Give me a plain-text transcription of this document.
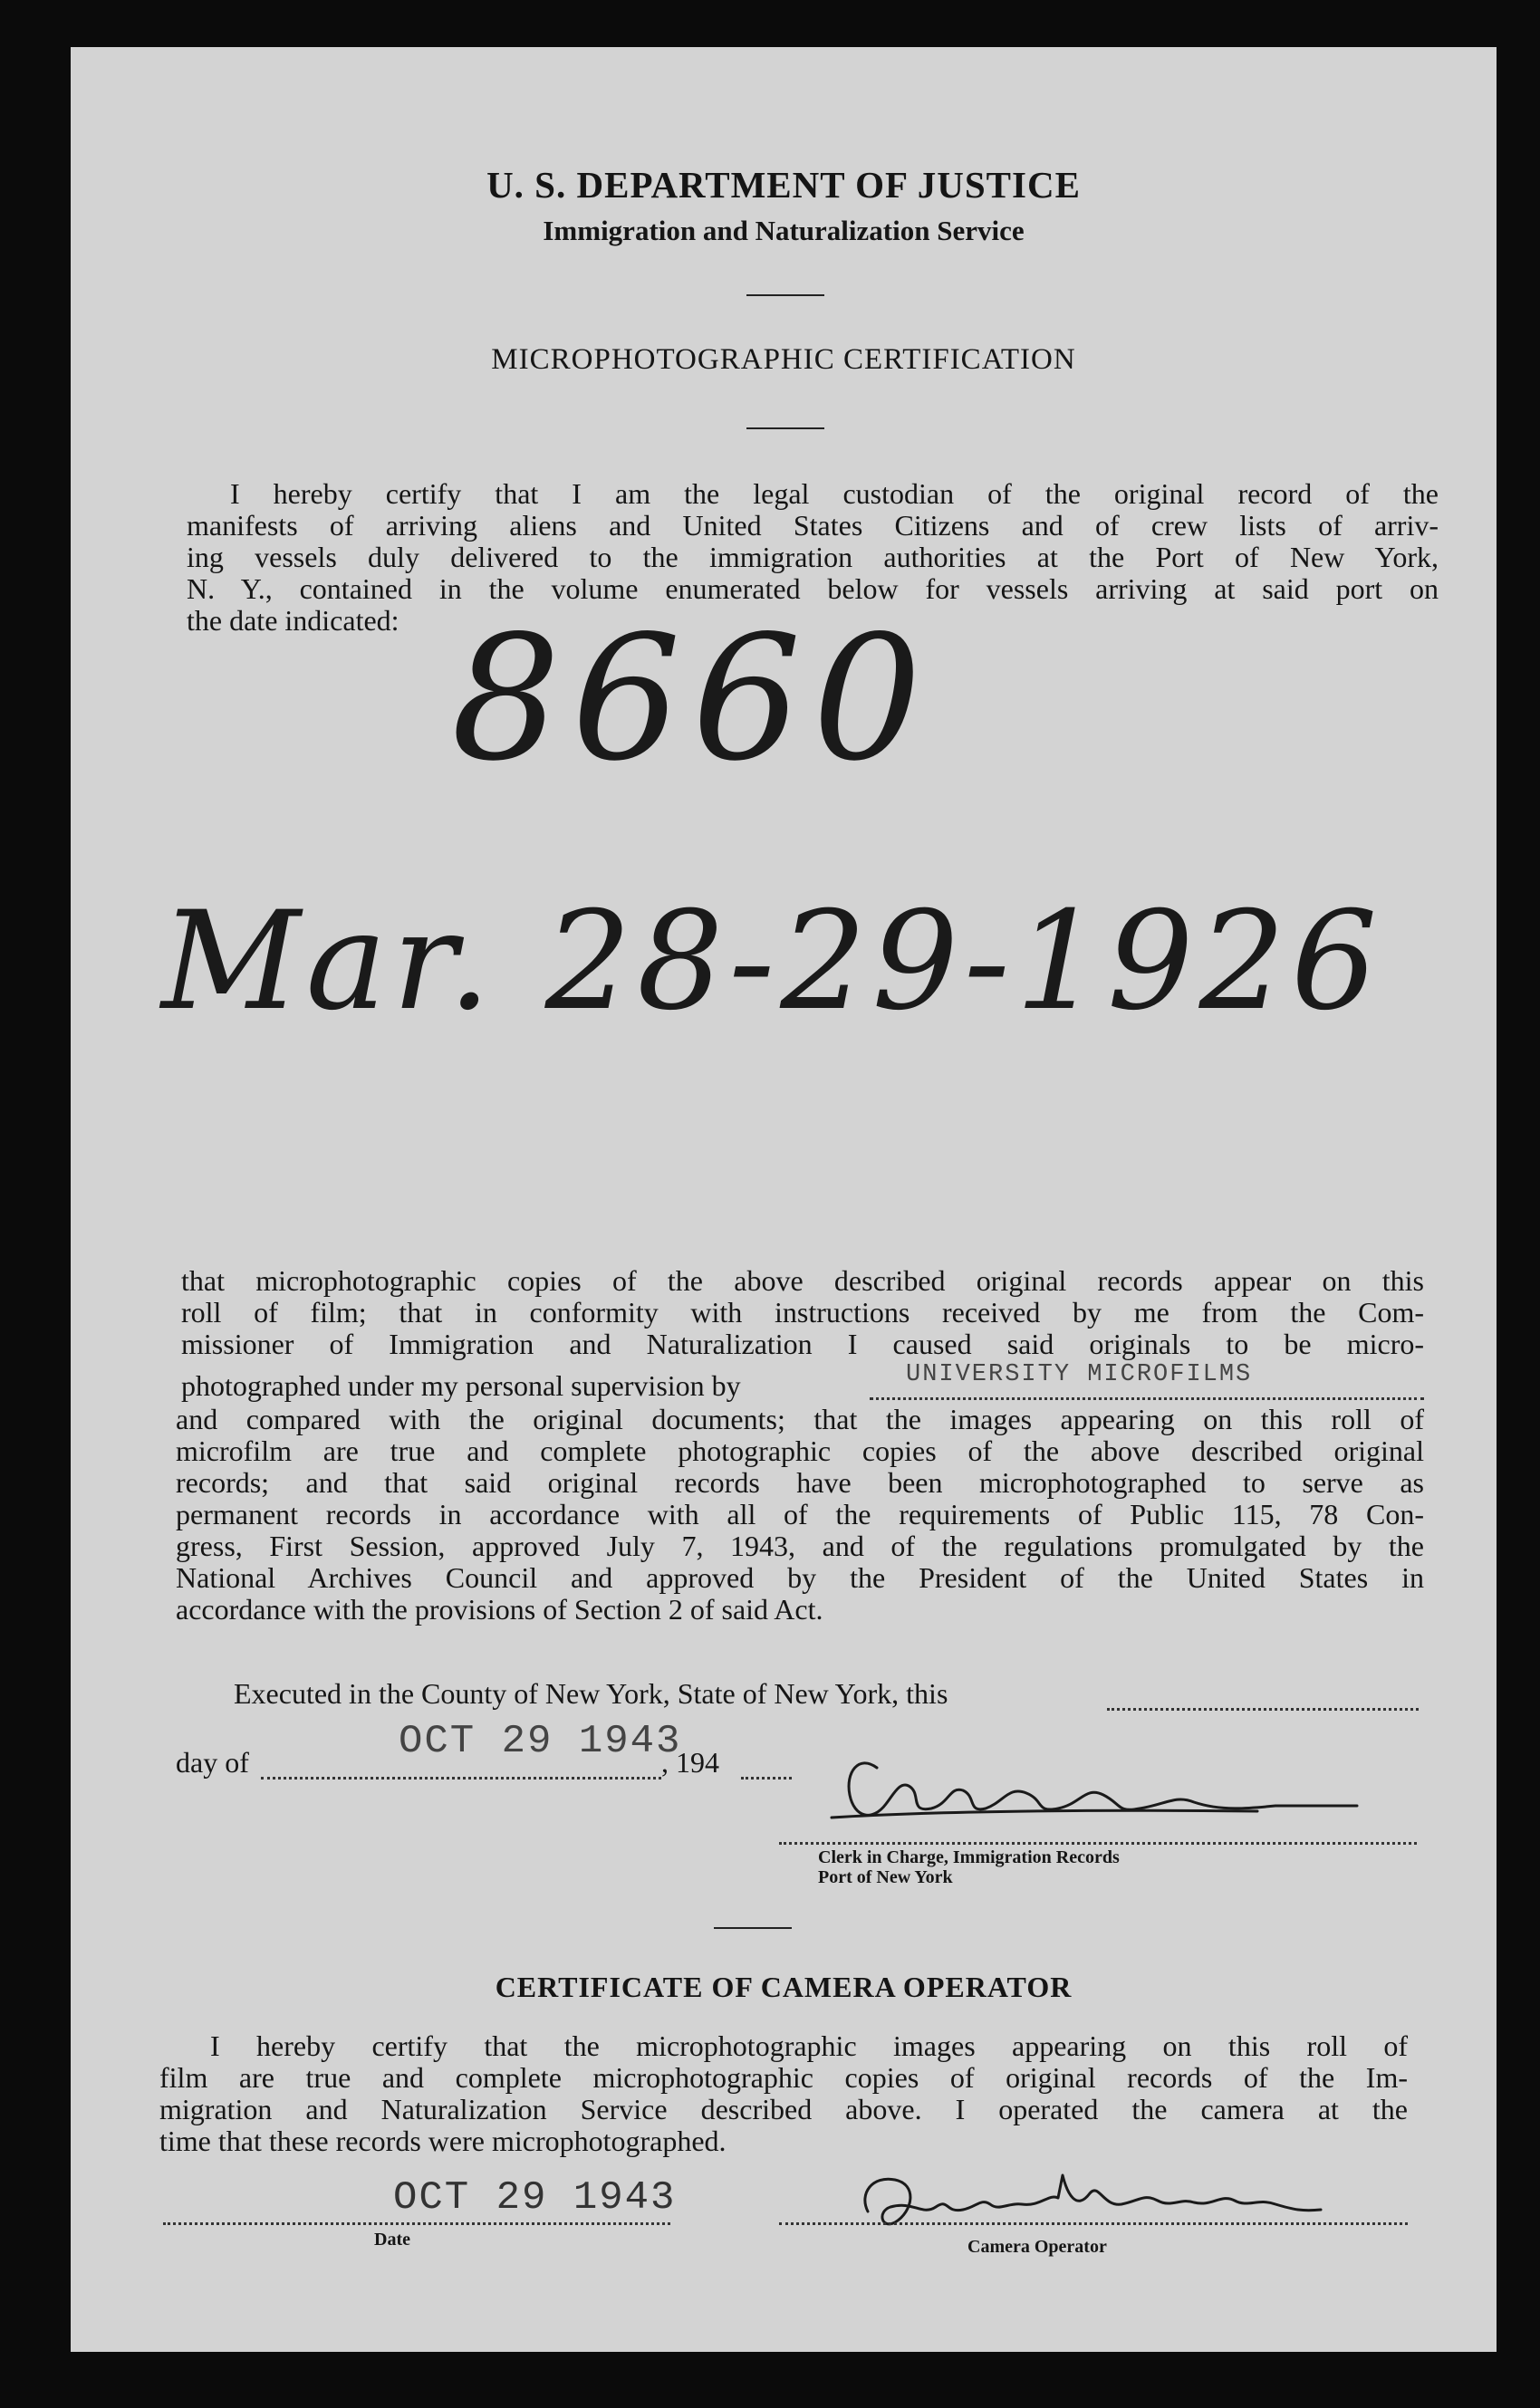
U. S. DEPARTMENT OF JUSTICE
Immigration and Naturalization Service
MICROPHOTOGRAPHIC CERTIFICATION
I hereby certify that I am the legal custodian of the original record of the
manifests of arriving aliens and United States Citizens and of crew lists of arriv-
ing vessels duly delivered to the immigration authorities at the Port of New York,
N. Y., contained in the volume enumerated below for vessels arriving at said port on
the date indicated: 8660
Mar. 28-29-1926
that microphotographic copies of the above described original records appear on this
roll of film; that in conformity with instructions received by me from the Com-
missioner of Immigration and Naturalization I caused said originals to be micro-
photographed under my personal supervision by	UNIVERSITY MICROFILMS
and compared with the original documents; that the images appearing on this roll of
microfilm are true and complete photographic copies of the above described original
records; and that said original records have been microphotographed to serve as
permanent records in accordance with all of the requirements of Public 115, 78 Con-
gress, First Session, approved July 7, 1943, and of the regulations promulgated by the
National Archives Council and approved by the President of the United States in
accordance with the provisions of Section 2 of said Act.
Executed in the County of New York, State of New York, this
day of	OCT 29 1943
, 194
Clerk in Charge, Immigration Records
Port of New York
CERTIFICATE OF CAMERA OPERATOR
I hereby certify that the microphotographic images appearing on this roll of
film are true and complete microphotographic copies of original records of the Im-
migration and Naturalization Service described above. I operated the camera at the
time that these records were microphotographed.
OCT 29 1943
Date	Camera Operator
